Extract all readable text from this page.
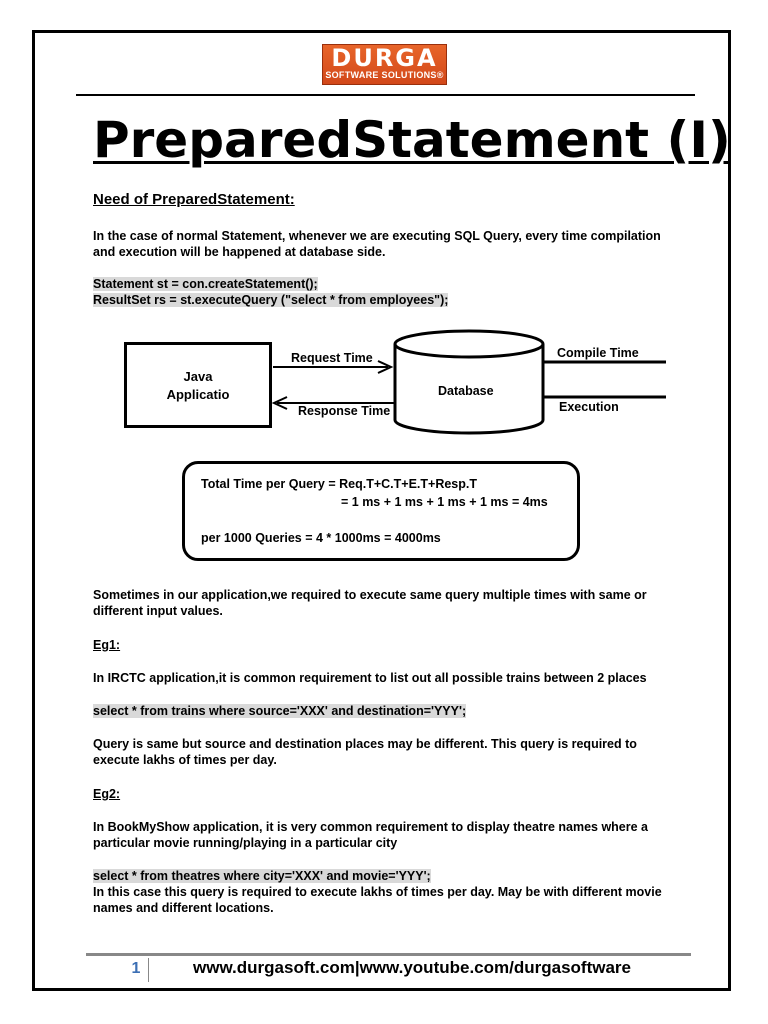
DURGA
SOFTWARE SOLUTIONS®
PreparedStatement (I)
Need of PreparedStatement:
In the case of normal Statement, whenever we are executing SQL Query, every time compilation and execution will be happened at database side.
Statement st = con.createStatement();
ResultSet rs = st.executeQuery ("select * from employees");
Java
Applicatio
Request Time
Response Time
Database
Compile Time
Execution
Total Time per Query = Req.T+C.T+E.T+Resp.T
= 1 ms + 1 ms + 1 ms + 1 ms = 4ms
per 1000 Queries = 4 * 1000ms = 4000ms
Sometimes in our application,we required to execute same query multiple times with same or different input values.
Eg1:
In IRCTC application,it is common requirement to list out all possible trains between 2 places
select * from trains where source='XXX' and destination='YYY';
Query is same but source and destination places may be different. This query is required to execute lakhs of times per day.
Eg2:
In BookMyShow application, it is very common requirement to display theatre names where a particular movie running/playing in a particular city
select * from theatres where city='XXX' and movie='YYY';
In this case this query is required to execute lakhs of times per day. May be with different movie names and different locations.
1	www.durgasoft.com|www.youtube.com/durgasoftware
